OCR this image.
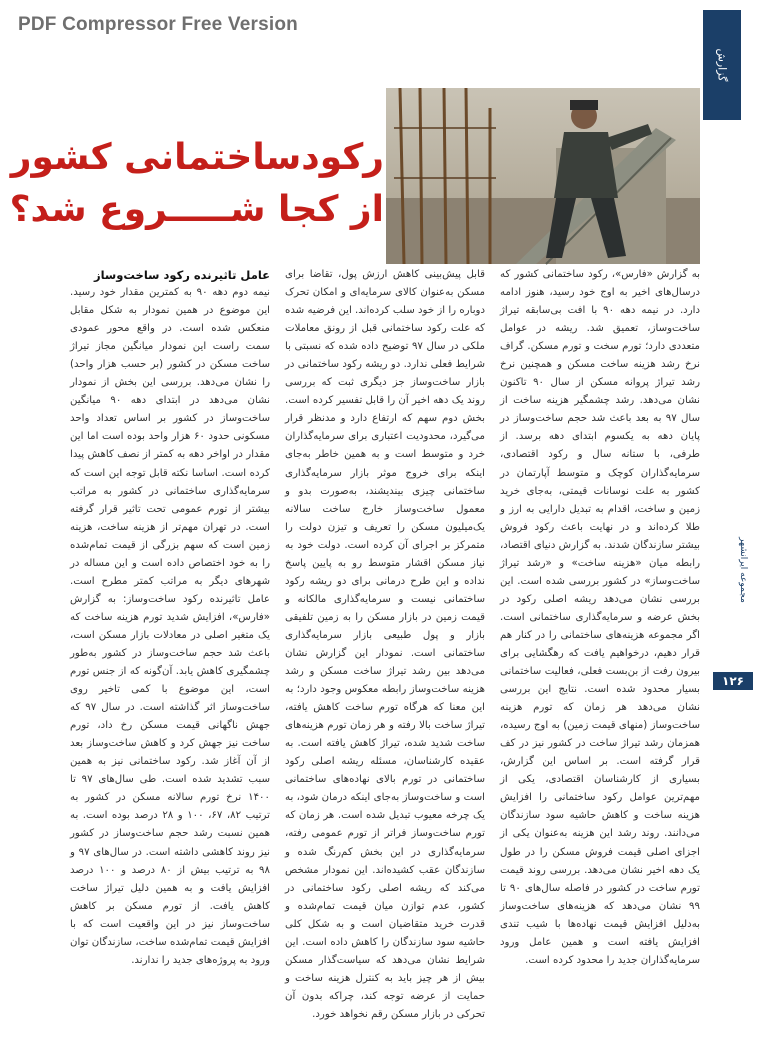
PDF Compressor Free Version
گزارش
مجموعه ایرانشهر
۱۲۶
رکودساختمانی کشور
از کجا شـــــروع شد؟

به گزارش «فارس»، رکود ساختمانی کشور که درسال‌های اخیر به اوج خود رسید، هنوز ادامه دارد. در نیمه دهه ۹۰ با افت بی‌سابقه تیراژ ساخت‌وساز، تعمیق شد. ریشه در عوامل متعددی دارد؛ تورم سخت و تورم مسکن. گراف نرخ رشد هزینه ساخت مسکن و همچنین نرخ رشد تیراژ پروانه مسکن از سال ۹۰ تاکنون نشان می‌دهد. رشد چشمگیر هزینه ساخت از سال ۹۷ به بعد باعث شد حجم ساخت‌وساز در پایان دهه به یکسوم ابتدای دهه برسد. از طرفی، با ستانه سال و رکود اقتصادی، سرمایه‌گذاران کوچک و متوسط آپارتمان در کشور به علت نوسانات قیمتی، به‌جای خرید زمین و ساخت، اقدام به تبدیل دارایی به ارز و طلا کرده‌اند و در نهایت باعث رکود فروش بیشتر سازندگان شدند. به گزارش دنیای اقتصاد، رابطه میان «هزینه ساخت» و «رشد تیراژ ساخت‌وساز» در کشور بررسی شده است. این بررسی نشان می‌دهد ریشه اصلی رکود در بخش عرضه و سرمایه‌گذاری ساختمانی است. اگر مجموعه هزینه‌های ساختمانی را در کنار هم قرار دهیم، درخواهیم یافت که رهگشایی برای بیرون رفت از بن‌بست فعلی، فعالیت ساختمانی بسیار محدود شده است. نتایج این بررسی نشان می‌دهد هر زمان که تورم هزینه ساخت‌وساز (منهای قیمت زمین) به اوج رسیده، همزمان رشد تیراژ ساخت در کشور نیز در کف قرار گرفته است. بر اساس این گزارش، بسیاری از کارشناسان اقتصادی، یکی از مهم‌ترین عوامل رکود ساختمانی را افزایش هزینه ساخت و کاهش حاشیه سود سازندگان می‌دانند. روند رشد این هزینه به‌عنوان یکی از اجزای اصلی قیمت فروش مسکن را در طول یک دهه اخیر نشان می‌دهد. بررسی روند قیمت تورم ساخت در کشور در فاصله سال‌های ۹۰ تا ۹۹ نشان می‌دهد که هزینه‌های ساخت‌وساز به‌دلیل افزایش قیمت نهاده‌ها با شیب تندی افزایش یافته است و همین عامل ورود سرمایه‌گذاران جدید را محدود کرده است.

قابل پیش‌بینی کاهش ارزش پول، تقاضا برای مسکن به‌عنوان کالای سرمایه‌ای و امکان تحرک دوباره را از خود سلب کرده‌اند. این فرضیه شده که علت رکود ساختمانی قبل از رونق معاملات ملکی در سال ۹۷ توضیح داده شده که نسبتی با شرایط فعلی ندارد. دو ریشه رکود ساختمانی در بازار ساخت‌وساز جز دیگری ثبت که بررسی روند یک دهه اخیر آن را قابل تفسیر کرده است. بخش دوم سهم که ارتفاع دارد و مدنظر قرار می‌گیرد، محدودیت اعتباری برای سرمایه‌گذاران خرد و متوسط است و به همین خاطر به‌جای اینکه برای خروج موثر بازار سرمایه‌گذاری ساختمانی چیزی بیندیشند، به‌صورت بدو و معمول ساخت‌وساز خارج ساخت سالانه یک‌میلیون مسکن را تعریف و تیزن دولت را متمرکز بر اجرای آن کرده است. دولت خود به نیاز مسکن اقشار متوسط رو به پایین پاسخ نداده و این طرح درمانی برای دو ریشه رکود ساختمانی نیست و سرمایه‌گذاری مالکانه و قیمت زمین در بازار مسکن را به زمین تلفیقی بازار و پول طبیعی بازار سرمایه‌گذاری ساختمانی است. نمودار این گزارش نشان می‌دهد بین رشد تیراژ ساخت مسکن و رشد هزینه ساخت‌وساز رابطه معکوس وجود دارد؛ به این معنا که هرگاه تورم ساخت کاهش یافته، تیراژ ساخت بالا رفته و هر زمان تورم هزینه‌های ساخت شدید شده، تیراژ کاهش یافته است. به عقیده کارشناسان، مسئله ریشه اصلی رکود ساختمانی در تورم بالای نهاده‌های ساختمانی است و ساخت‌وساز به‌جای اینکه درمان شود، به یک چرخه معیوب تبدیل شده است. هر زمان که تورم ساخت‌وساز فراتر از تورم عمومی رفته، سرمایه‌گذاری در این بخش کم‌رنگ شده و سازندگان عقب کشیده‌اند. این نمودار مشخص می‌کند که ریشه اصلی رکود ساختمانی در کشور، عدم توازن میان قیمت تمام‌شده و قدرت خرید متقاضیان است و به شکل کلی حاشیه سود سازندگان را کاهش داده است. این شرایط نشان می‌دهد که سیاست‌گذار مسکن بیش از هر چیز باید به کنترل هزینه ساخت و حمایت از عرضه توجه کند، چراکه بدون آن تحرکی در بازار مسکن رقم نخواهد خورد.

عامل تاثیرنده رکود ساخت‌وساز

نیمه دوم دهه ۹۰ به کمترین مقدار خود رسید. این موضوع در همین نمودار به شکل مقابل منعکس شده است. در واقع محور عمودی سمت راست این نمودار میانگین مجاز تیراژ ساخت مسکن در کشور (بر حسب هزار واحد) را نشان می‌دهد. بررسی این بخش از نمودار نشان می‌دهد در ابتدای دهه ۹۰ میانگین ساخت‌وساز در کشور بر اساس تعداد واحد مسکونی حدود ۶۰ هزار واحد بوده است اما این مقدار در اواخر دهه به کمتر از نصف کاهش پیدا کرده است. اساسا نکته قابل توجه این است که سرمایه‌گذاری ساختمانی در کشور به مراتب بیشتر از تورم عمومی تحت تاثیر قرار گرفته است. در تهران مهم‌تر از هزینه ساخت، هزینه زمین است که سهم بزرگی از قیمت تمام‌شده را به خود اختصاص داده است و این مساله در شهرهای دیگر به مراتب کمتر مطرح است. عامل تاثیرنده رکود ساخت‌وساز: به گزارش «فارس»، افزایش شدید تورم هزینه ساخت که یک متغیر اصلی در معادلات بازار مسکن است، باعث شد حجم ساخت‌وساز در کشور به‌طور چشمگیری کاهش یابد. آن‌گونه که از جنس تورم است، این موضوع با کمی تاخیر روی ساخت‌وساز اثر گذاشته است. در سال ۹۷ که جهش ناگهانی قیمت مسکن رخ داد، تورم ساخت نیز جهش کرد و کاهش ساخت‌وساز بعد از آن آغاز شد. رکود ساختمانی نیز به همین سبب تشدید شده است. طی سال‌های ۹۷ تا ۱۴۰۰ نرخ تورم سالانه مسکن در کشور به ترتیب ۸۲، ۶۷، ۱۰۰ و ۲۸ درصد بوده است. به همین نسبت رشد حجم ساخت‌وساز در کشور نیز روند کاهشی داشته است. در سال‌های ۹۷ و ۹۸ به ترتیب بیش از ۸۰ درصد و ۱۰۰ درصد افزایش یافت و به همین دلیل تیراژ ساخت کاهش یافت. از تورم مسکن بر کاهش ساخت‌وساز نیز در این واقعیت است که با افزایش قیمت تمام‌شده ساخت، سازندگان توان ورود به پروژه‌های جدید را ندارند.
